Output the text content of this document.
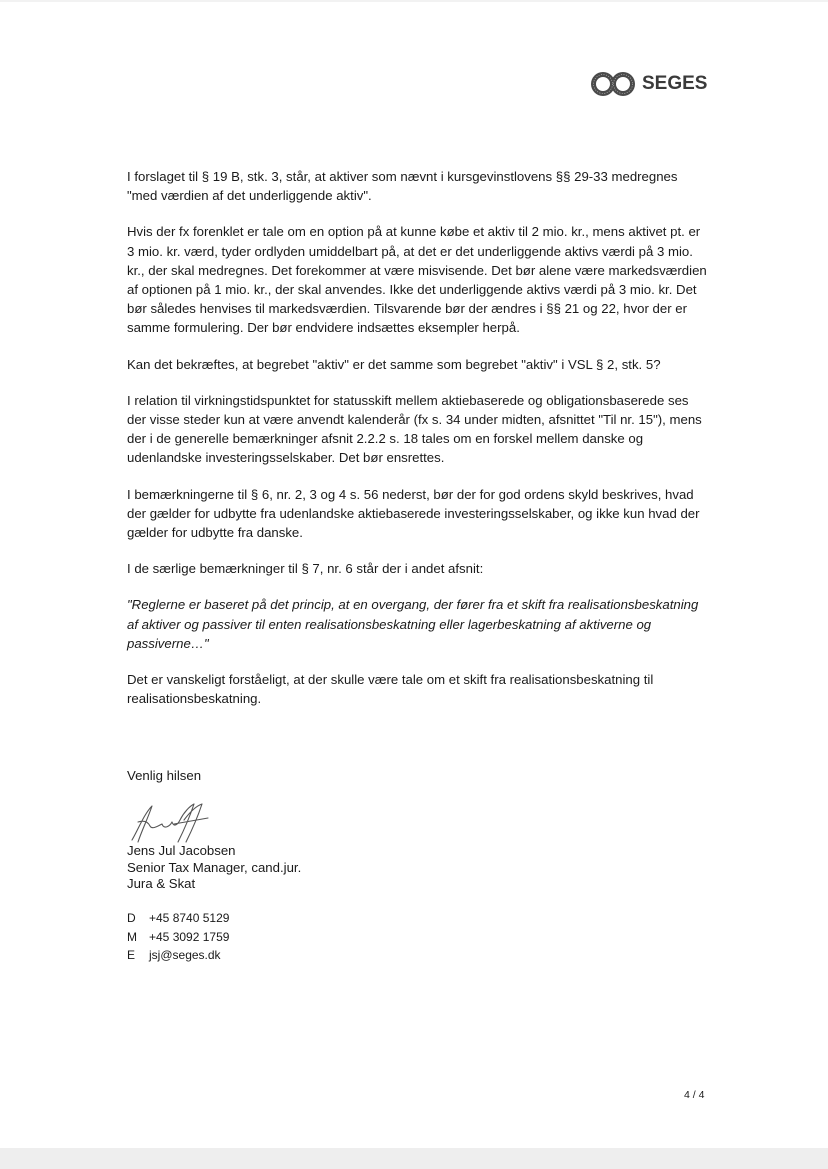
SEGES

I forslaget til § 19 B, stk. 3, står, at aktiver som nævnt i kursgevinstlovens §§ 29-33 medregnes "med værdien af det underliggende aktiv".

Hvis der fx forenklet er tale om en option på at kunne købe et aktiv til 2 mio. kr., mens aktivet pt. er 3 mio. kr. værd, tyder ordlyden umiddelbart på, at det er det underliggende aktivs værdi på 3 mio. kr., der skal medregnes. Det forekommer at være misvisende. Det bør alene være markedsværdien af optionen på 1 mio. kr., der skal anvendes. Ikke det underliggende aktivs værdi på 3 mio. kr. Det bør således henvises til markedsværdien. Tilsvarende bør der ændres i §§ 21 og 22, hvor der er samme formulering. Der bør endvidere indsættes eksempler herpå.

Kan det bekræftes, at begrebet "aktiv" er det samme som begrebet "aktiv" i VSL § 2, stk. 5?

I relation til virkningstidspunktet for statusskift mellem aktiebaserede og obligationsbaserede ses der visse steder kun at være anvendt kalenderår (fx s. 34 under midten, afsnittet "Til nr. 15"), mens der i de generelle bemærkninger afsnit 2.2.2 s. 18 tales om en forskel mellem danske og udenlandske investeringsselskaber. Det bør ensrettes.

I bemærkningerne til § 6, nr. 2, 3 og 4 s. 56 nederst, bør der for god ordens skyld beskrives, hvad der gælder for udbytte fra udenlandske aktiebaserede investeringsselskaber, og ikke kun hvad der gælder for udbytte fra danske.

I de særlige bemærkninger til § 7, nr. 6 står der i andet afsnit:

"Reglerne er baseret på det princip, at en overgang, der fører fra et skift fra realisationsbeskatning af aktiver og passiver til enten realisationsbeskatning eller lagerbeskatning af aktiverne og passiverne…"

Det er vanskeligt forståeligt, at der skulle være tale om et skift fra realisationsbeskatning til realisationsbeskatning.

Venlig hilsen
Jens Jul Jacobsen
Senior Tax Manager, cand.jur.
Jura & Skat
D	+45 8740 5129
M	+45 3092 1759
E	jsj@seges.dk
4 / 4
